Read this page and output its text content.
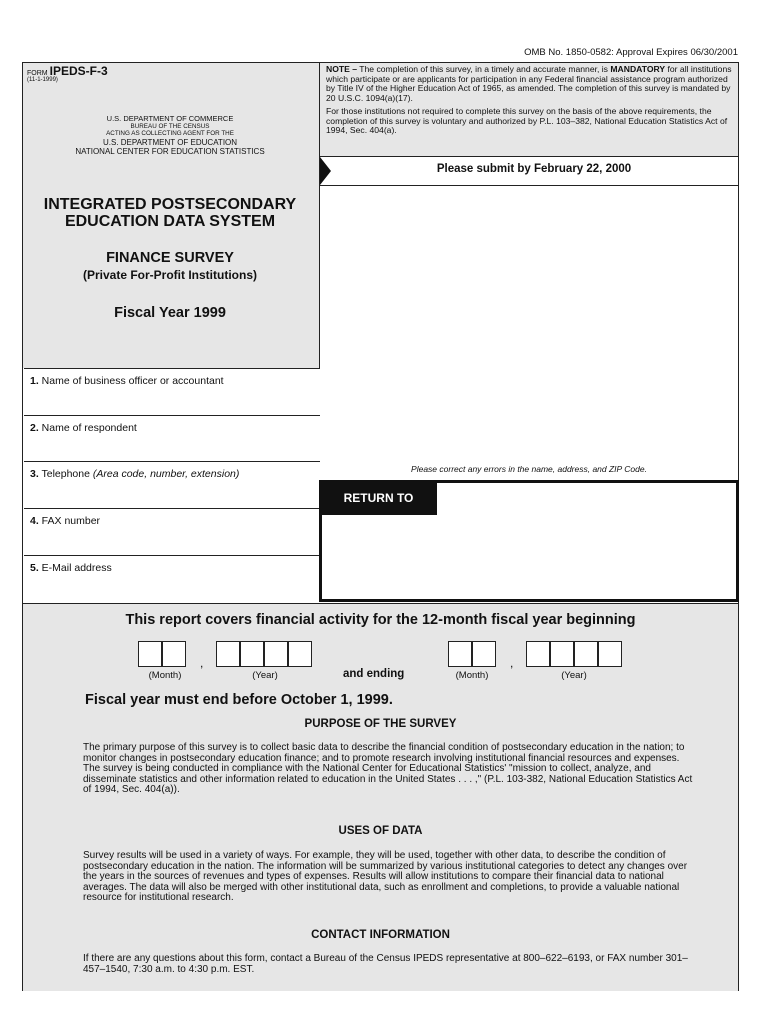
OMB No. 1850-0582: Approval Expires 06/30/2001
FORM IPEDS-F-3
(11-1-1999)
U.S. DEPARTMENT OF COMMERCE
BUREAU OF THE CENSUS
ACTING AS COLLECTING AGENT FOR THE
U.S. DEPARTMENT OF EDUCATION
NATIONAL CENTER FOR EDUCATION STATISTICS
NOTE – The completion of this survey, in a timely and accurate manner, is MANDATORY for all institutions which participate or are applicants for participation in any Federal financial assistance program authorized by Title IV of the Higher Education Act of 1965, as amended. The completion of this survey is mandated by 20 U.S.C. 1094(a)(17).
For those institutions not required to complete this survey on the basis of the above requirements, the completion of this survey is voluntary and authorized by P.L. 103–382, National Education Statistics Act of 1994, Sec. 404(a).
Please submit by February 22, 2000
INTEGRATED POSTSECONDARY
EDUCATION DATA SYSTEM
FINANCE SURVEY
(Private For-Profit Institutions)
Fiscal Year 1999
1. Name of business officer or accountant
2. Name of respondent
3. Telephone (Area code, number, extension)
4. FAX number
5. E-Mail address
Please correct any errors in the name, address, and ZIP Code.
RETURN TO
This report covers financial activity for the 12-month fiscal year beginning
,
(Month)	(Year)	and ending
,
(Month)	(Year)
Fiscal year must end before October 1, 1999.
PURPOSE OF THE SURVEY
The primary purpose of this survey is to collect basic data to describe the financial condition of postsecondary education in the nation; to monitor changes in postsecondary education finance; and to promote research involving institutional financial resources and expenses. The survey is being conducted in compliance with the National Center for Educational Statistics' "mission to collect, analyze, and disseminate statistics and other information related to education in the United States . . . ," (P.L. 103-382, National Education Statistics Act of 1994, Sec. 404(a)).
USES OF DATA
Survey results will be used in a variety of ways. For example, they will be used, together with other data, to describe the condition of postsecondary education in the nation. The information will be summarized by various institutional categories to detect any changes over the years in the sources of revenues and types of expenses. Results will allow institutions to compare their financial data to national averages. The data will also be merged with other institutional data, such as enrollment and completions, to provide a valuable national resource for institutional research.
CONTACT INFORMATION
If there are any questions about this form, contact a Bureau of the Census IPEDS representative at 800–622–6193, or FAX number 301–457–1540, 7:30 a.m. to 4:30 p.m. EST.
